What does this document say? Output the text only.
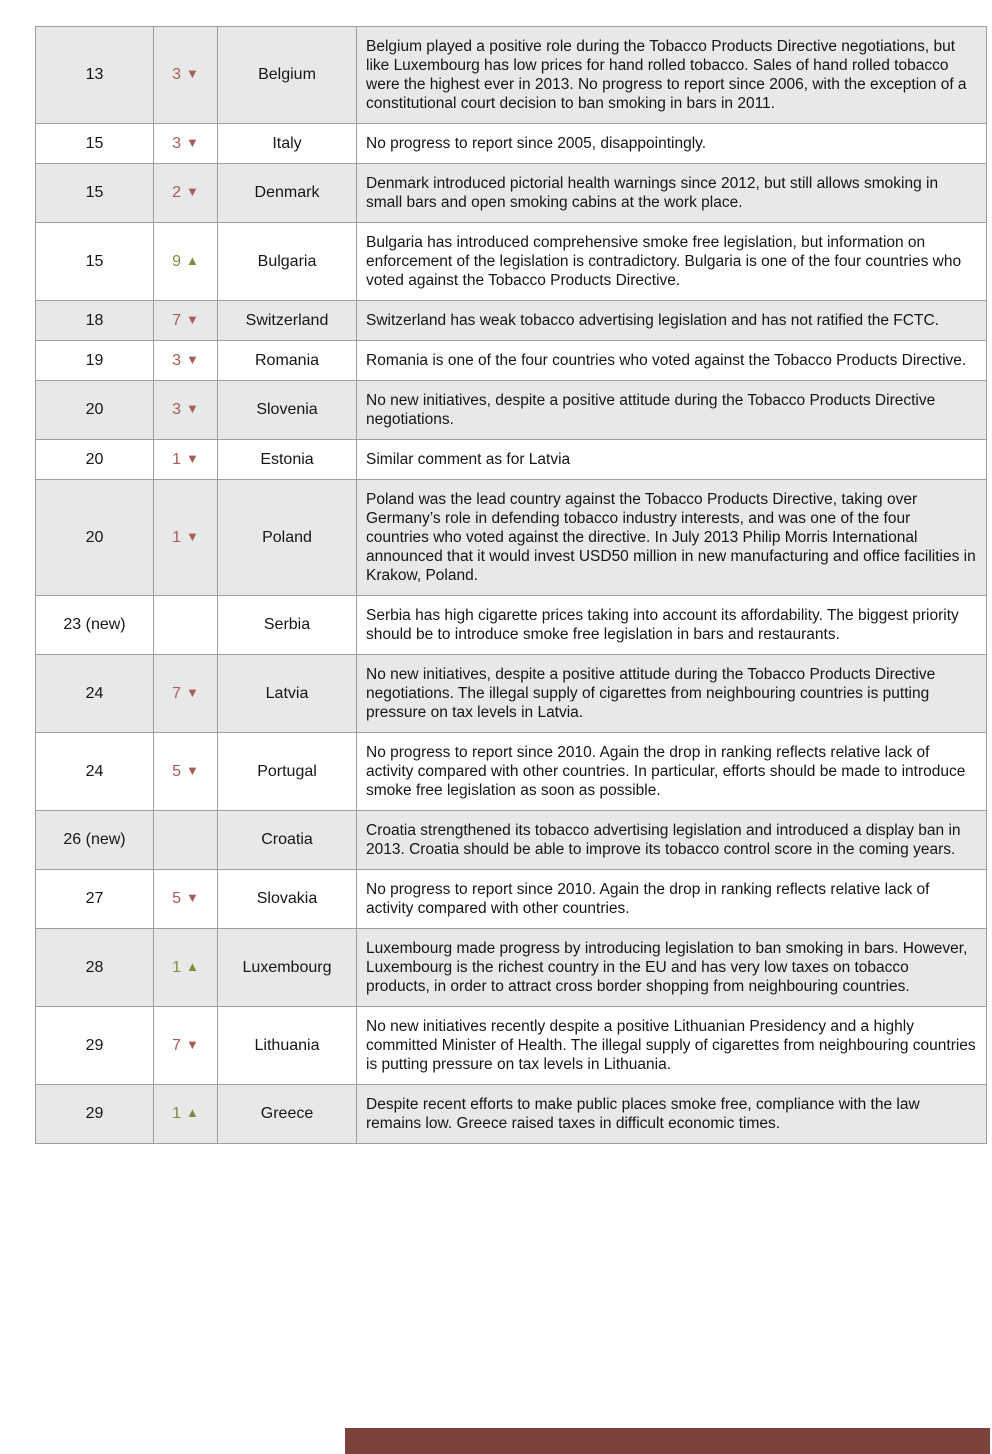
13	3 ▼	Belgium	Belgium played a positive role during the Tobacco Products Directive negotiations, but like Luxembourg has low prices for hand rolled tobacco. Sales of hand rolled tobacco were the highest ever in 2013. No progress to report since 2006, with the exception of a constitutional court decision to ban smoking in bars in 2011.
15	3 ▼	Italy	No progress to report since 2005, disappointingly.
15	2 ▼	Denmark	Denmark introduced pictorial health warnings since 2012, but still allows smoking in small bars and open smoking cabins at the work place.
15	9 ▲	Bulgaria	Bulgaria has introduced comprehensive smoke free legislation, but information on enforcement of the legislation is contradictory. Bulgaria is one of the four countries who voted against the Tobacco Products Directive.
18	7 ▼	Switzerland	Switzerland has weak tobacco advertising legislation and has not ratified the FCTC.
19	3 ▼	Romania	Romania is one of the four countries who voted against the Tobacco Products Directive.
20	3 ▼	Slovenia	No new initiatives, despite a positive attitude during the Tobacco Products Directive negotiations.
20	1 ▼	Estonia	Similar comment as for Latvia
20	1 ▼	Poland	Poland was the lead country against the Tobacco Products Directive, taking over Germany’s role in defending tobacco industry interests, and was one of the four countries who voted against the directive. In July 2013 Philip Morris International announced that it would invest USD50 million in new manufacturing and office facilities in Krakow, Poland.
23 (new)		Serbia	Serbia has high cigarette prices taking into account its affordability. The biggest priority should be to introduce smoke free legislation in bars and restaurants.
24	7 ▼	Latvia	No new initiatives, despite a positive attitude during the Tobacco Products Directive negotiations. The illegal supply of cigarettes from neighbouring countries is putting pressure on tax levels in Latvia.
24	5 ▼	Portugal	No progress to report since 2010. Again the drop in ranking reflects relative lack of activity compared with other countries. In particular, efforts should be made to introduce smoke free legislation as soon as possible.
26 (new)		Croatia	Croatia strengthened its tobacco advertising legislation and introduced a display ban in 2013. Croatia should be able to improve its tobacco control score in the coming years.
27	5 ▼	Slovakia	No progress to report since 2010. Again the drop in ranking reflects relative lack of activity compared with other countries.
28	1 ▲	Luxembourg	Luxembourg made progress by introducing legislation to ban smoking in bars. However, Luxembourg is the richest country in the EU and has very low taxes on tobacco products, in order to attract cross border shopping from neighbouring countries.
29	7 ▼	Lithuania	No new initiatives recently despite a positive Lithuanian Presidency and a highly committed Minister of Health. The illegal supply of cigarettes from neighbouring countries is putting pressure on tax levels in Lithuania.
29	1 ▲	Greece	Despite recent efforts to make public places smoke free, compliance with the law remains low. Greece raised taxes in difficult economic times.
